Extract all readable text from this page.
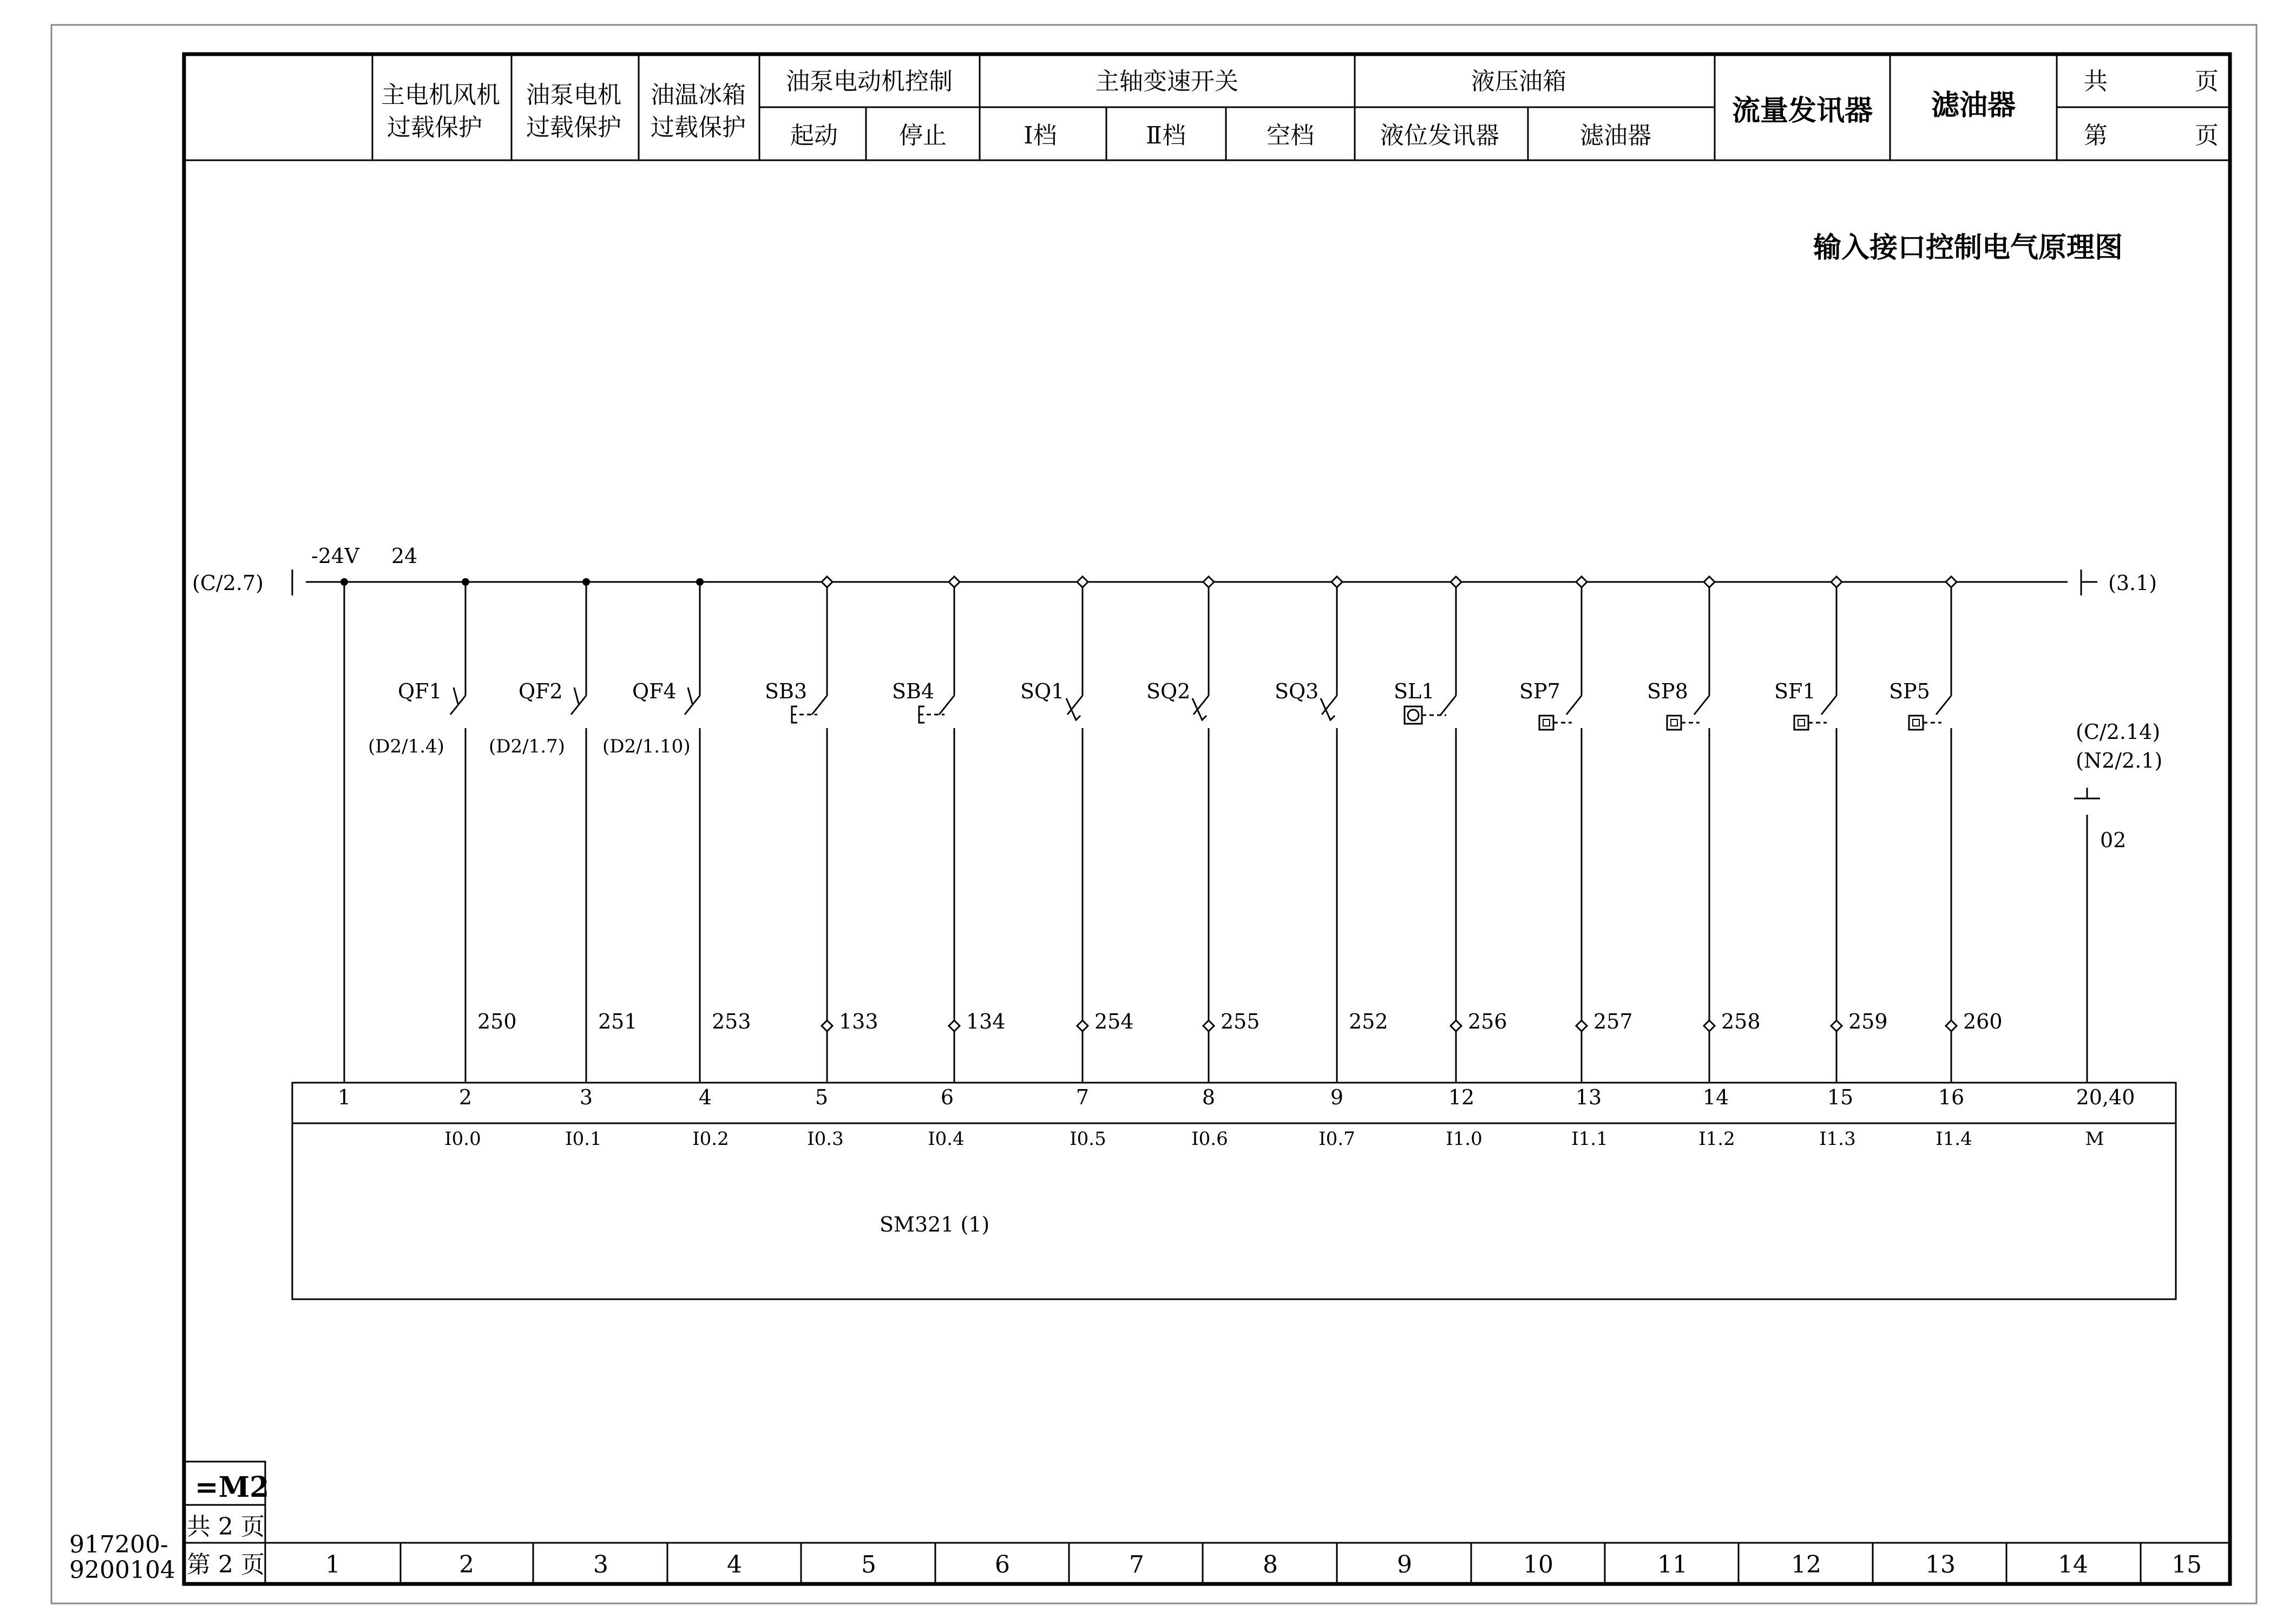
主电机风机
过载保护
油泵电机
过载保护
油温冰箱
过载保护
油泵电动机控制
起动	停止
主轴变速开关
Ⅰ档	Ⅱ档	空档
液压油箱
液位发讯器	滤油器
流量发讯器 滤油器
共	页
第	页
输入接口控制电气原理图
(C/2.7)	(3.1)
-24V 24
QF1
(D2/1.4)
250
QF2
(D2/1.7)
251
QF4
(D2/1.10)
253
SB3
133
SB4
134
SQ1
254
SQ2
255
SQ3
252
SL1
256
SP7
257
SP8
258
SF1
259
SP5
260
(C/2.14)
(N2/2.1)
02
1	2	3	4	5	6	7	8	9	12	13	14	15	16	20,40
I0.0	I0.1	I0.2	I0.3	I0.4	I0.5	I0.6	I0.7	I1.0	I1.1	I1.2	I1.3	I1.4	M
SM321 (1)
=M2
共 2 页
第 2 页
917200-
9200104	1	2	3	4	5	6	7	8	9	10	11	12	13	14	15
